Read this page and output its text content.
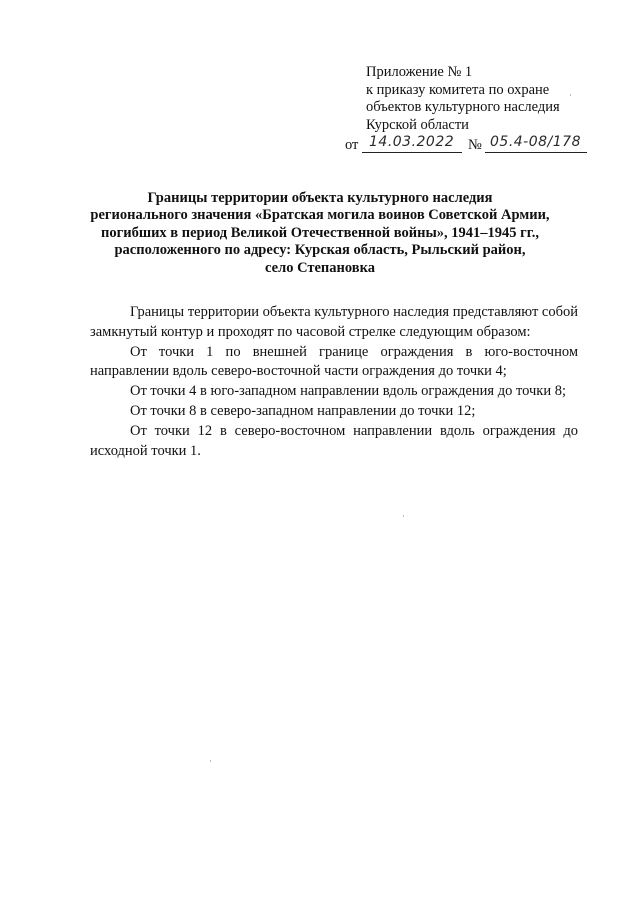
Приложение № 1
к приказу комитета по охране
объектов культурного наследия
Курской области
от 14.03.2022 № 05.4-08/178
Границы территории объекта культурного наследия
регионального значения «Братская могила воинов Советской Армии,
погибших в период Великой Отечественной войны», 1941–1945 гг.,
расположенного по адресу: Курская область, Рыльский район,
село Степановка

Границы территории объекта культурного наследия представляют собой замкнутый контур и проходят по часовой стрелке следующим образом:

От точки 1 по внешней границе ограждения в юго-восточном направлении вдоль северо-восточной части ограждения до точки 4;

От точки 4 в юго-западном направлении вдоль ограждения до точки 8;

От точки 8 в северо-западном направлении до точки 12;

От точки 12 в северо-восточном направлении вдоль ограждения до исходной точки 1.
